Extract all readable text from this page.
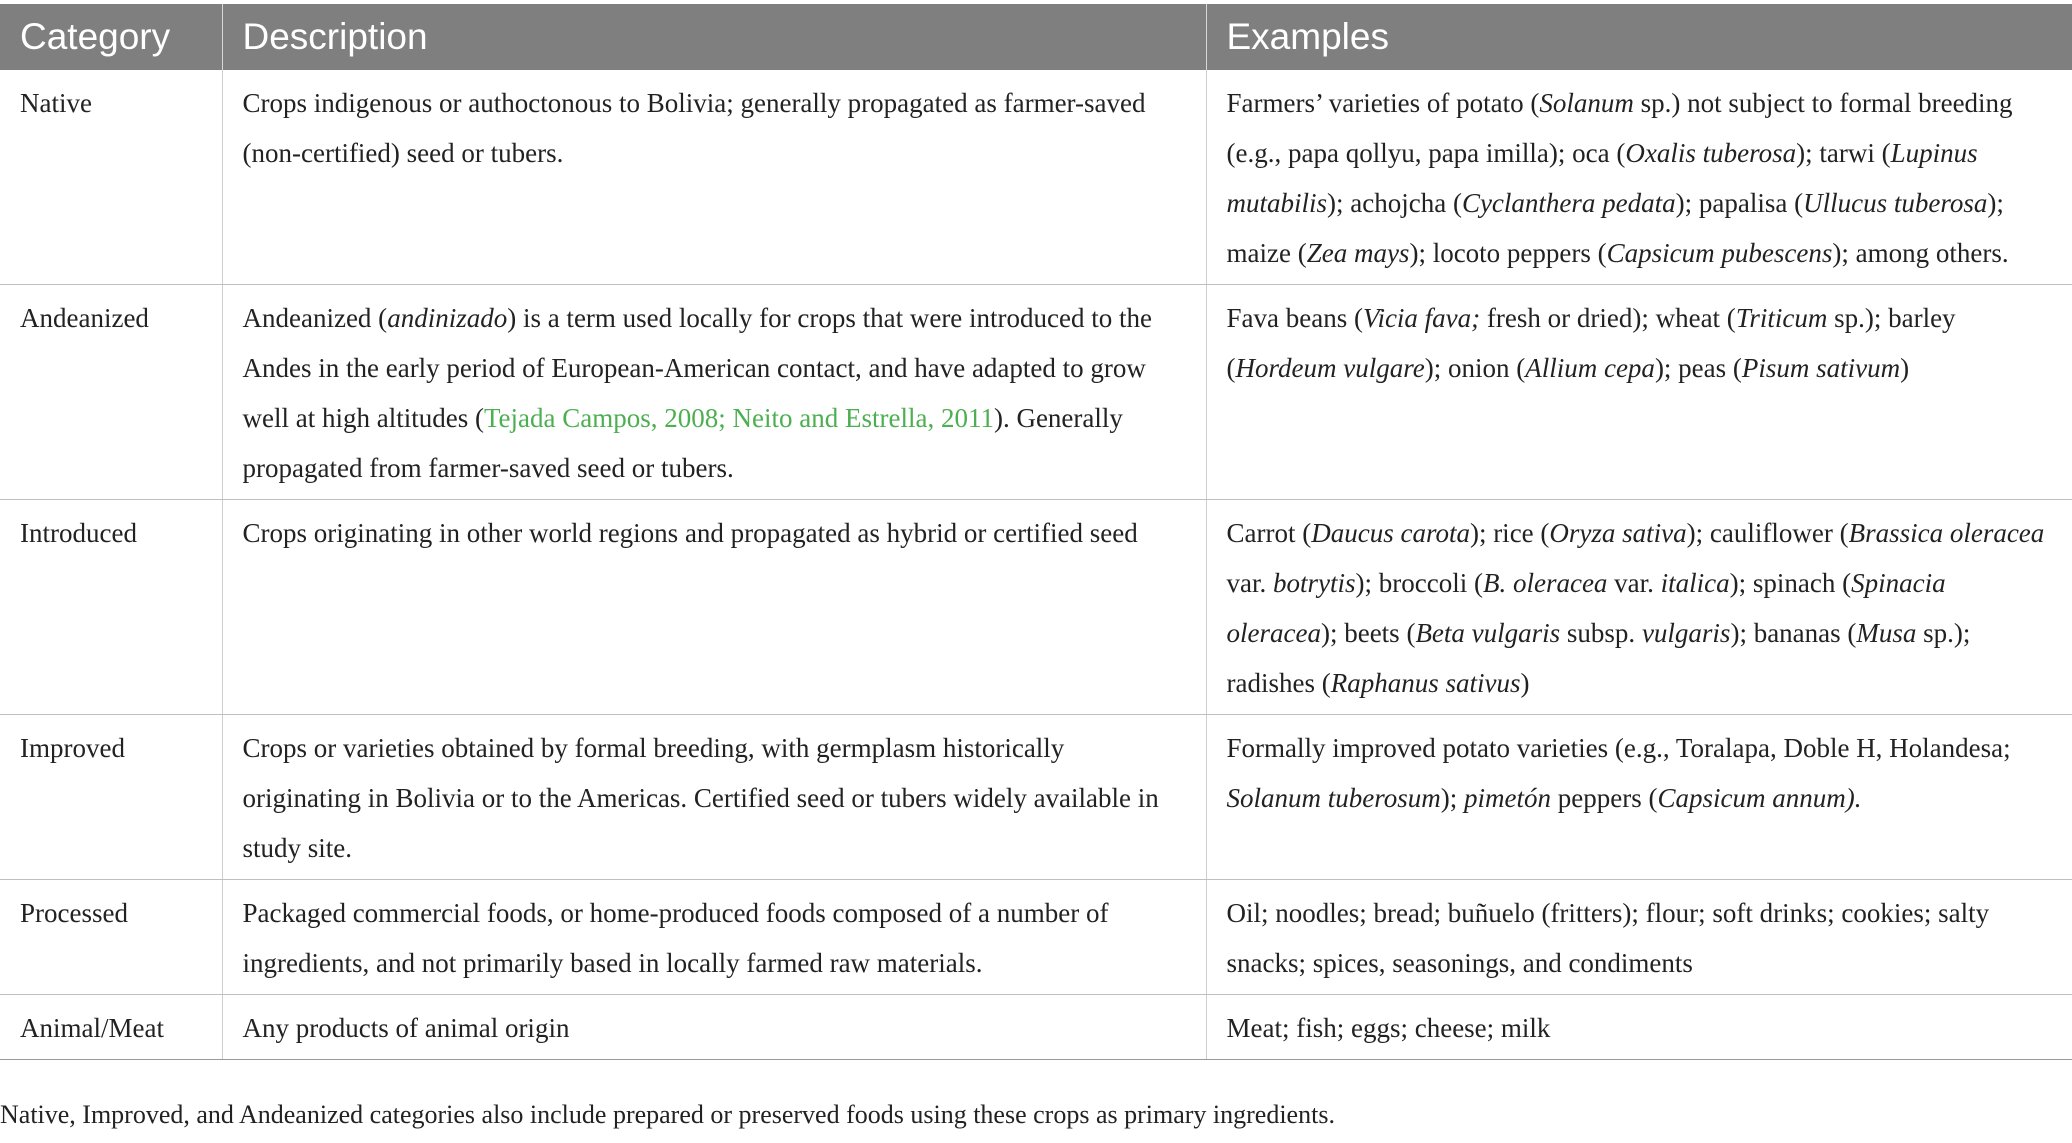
Category	Description	Examples
Native	Crops indigenous or authoctonous to Bolivia; generally propagated as farmer-saved (non-certified) seed or tubers.	Farmers’ varieties of potato (Solanum sp.) not subject to formal breeding (e.g., papa qollyu, papa imilla); oca (Oxalis tuberosa); tarwi (Lupinus mutabilis); achojcha (Cyclanthera pedata); papalisa (Ullucus tuberosa); maize (Zea mays); locoto peppers (Capsicum pubescens); among others.
Andeanized	Andeanized (andinizado) is a term used locally for crops that were introduced to the Andes in the early period of European-American contact, and have adapted to grow well at high altitudes (Tejada Campos, 2008; Neito and Estrella, 2011). Generally propagated from farmer-saved seed or tubers.	Fava beans (Vicia fava; fresh or dried); wheat (Triticum sp.); barley (Hordeum vulgare); onion (Allium cepa); peas (Pisum sativum)
Introduced	Crops originating in other world regions and propagated as hybrid or certified seed	Carrot (Daucus carota); rice (Oryza sativa); cauliflower (Brassica oleracea var. botrytis); broccoli (B. oleracea var. italica); spinach (Spinacia oleracea); beets (Beta vulgaris subsp. vulgaris); bananas (Musa sp.); radishes (Raphanus sativus)
Improved	Crops or varieties obtained by formal breeding, with germplasm historically originating in Bolivia or to the Americas. Certified seed or tubers widely available in study site.	Formally improved potato varieties (e.g., Toralapa, Doble H, Holandesa; Solanum tuberosum); pimetón peppers (Capsicum annum).
Processed	Packaged commercial foods, or home-produced foods composed of a number of ingredients, and not primarily based in locally farmed raw materials.	Oil; noodles; bread; buñuelo (fritters); flour; soft drinks; cookies; salty snacks; spices, seasonings, and condiments
Animal/Meat	Any products of animal origin	Meat; fish; eggs; cheese; milk
Native, Improved, and Andeanized categories also include prepared or preserved foods using these crops as primary ingredients.
